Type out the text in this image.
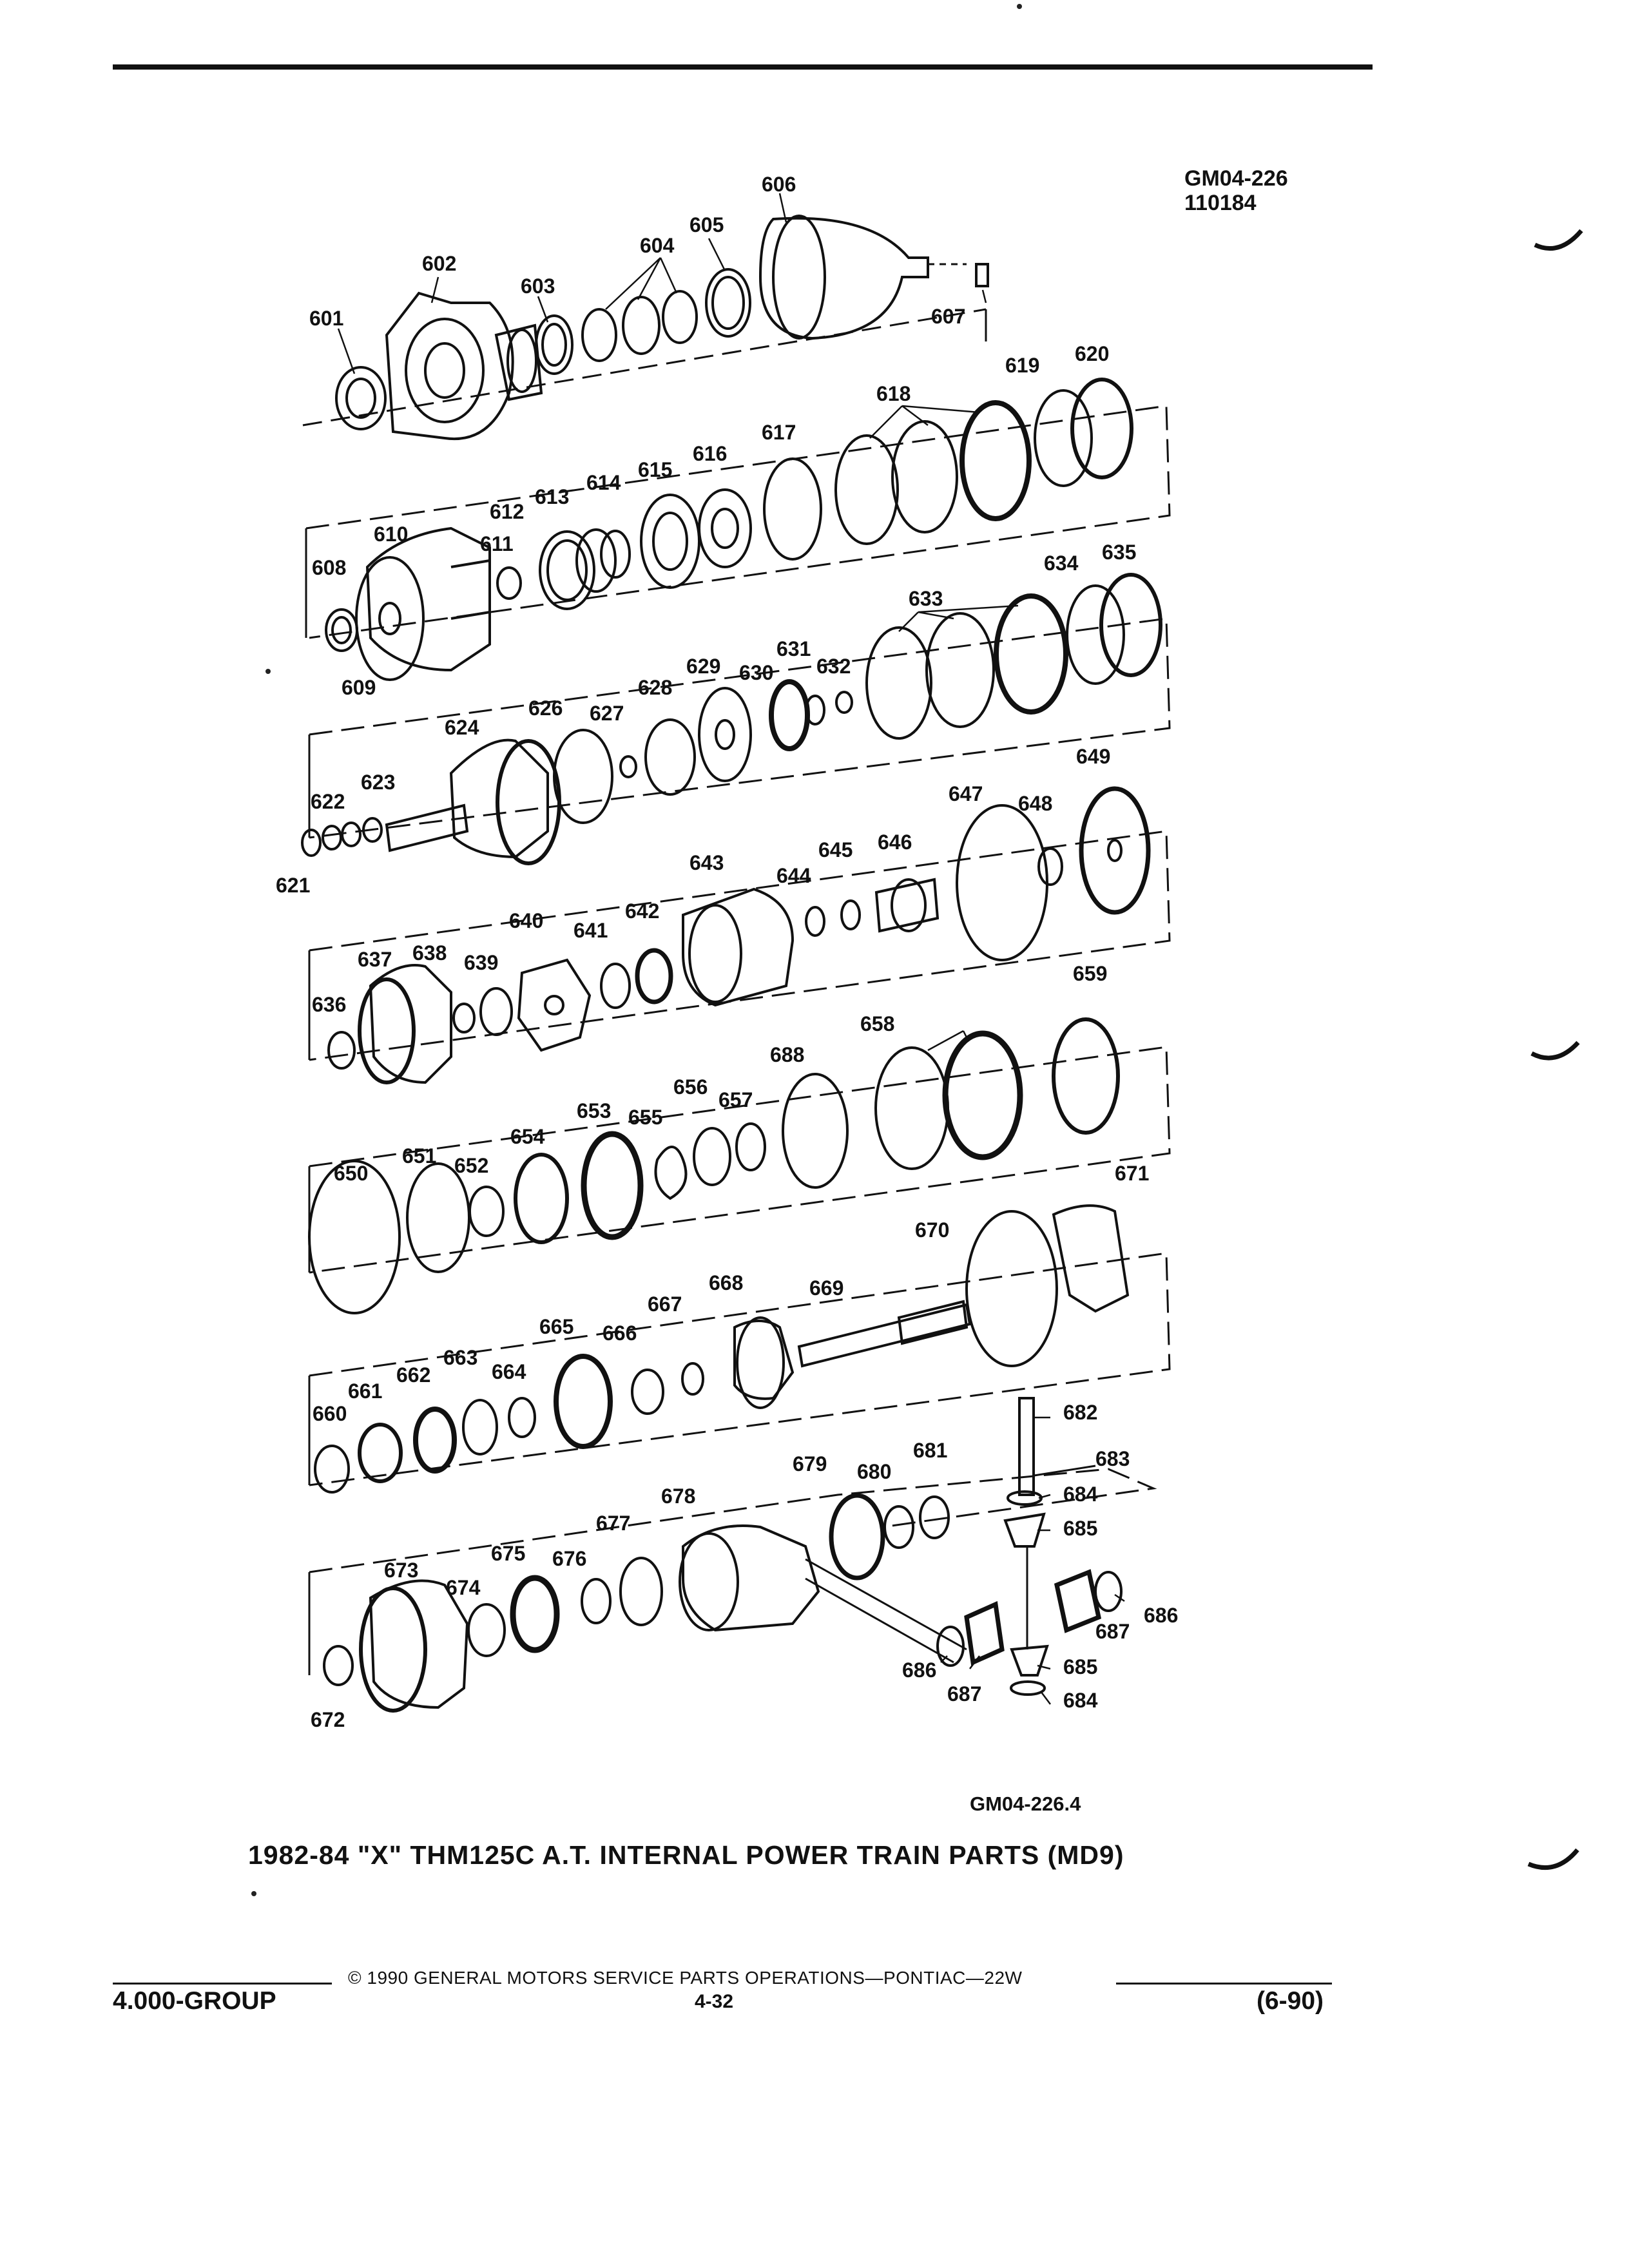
GM04-226
110184
601
602
603
604
605
606
607
608
609
610	611
612
613
614
615
616
617
618
619 620
621
622
623
624
626 627
628
629 630
631
632
633
634 635
636
637 638 639
640 641
642
643
644
645 646
647 648
649
650
651 652
653
654
655
656
657
658
659
688
660
661
662
663
664
665 666
667
668	669
670
671
672
673
674
675 676
677
678
679 680
681
682
683
684
685
686
687
685
684
686
687
GM04-226.4
1982-84 "X" THM125C A.T. INTERNAL POWER TRAIN PARTS (MD9)
© 1990 GENERAL MOTORS SERVICE PARTS OPERATIONS—PONTIAC—22W
4.000-GROUP	4-32	(6-90)
